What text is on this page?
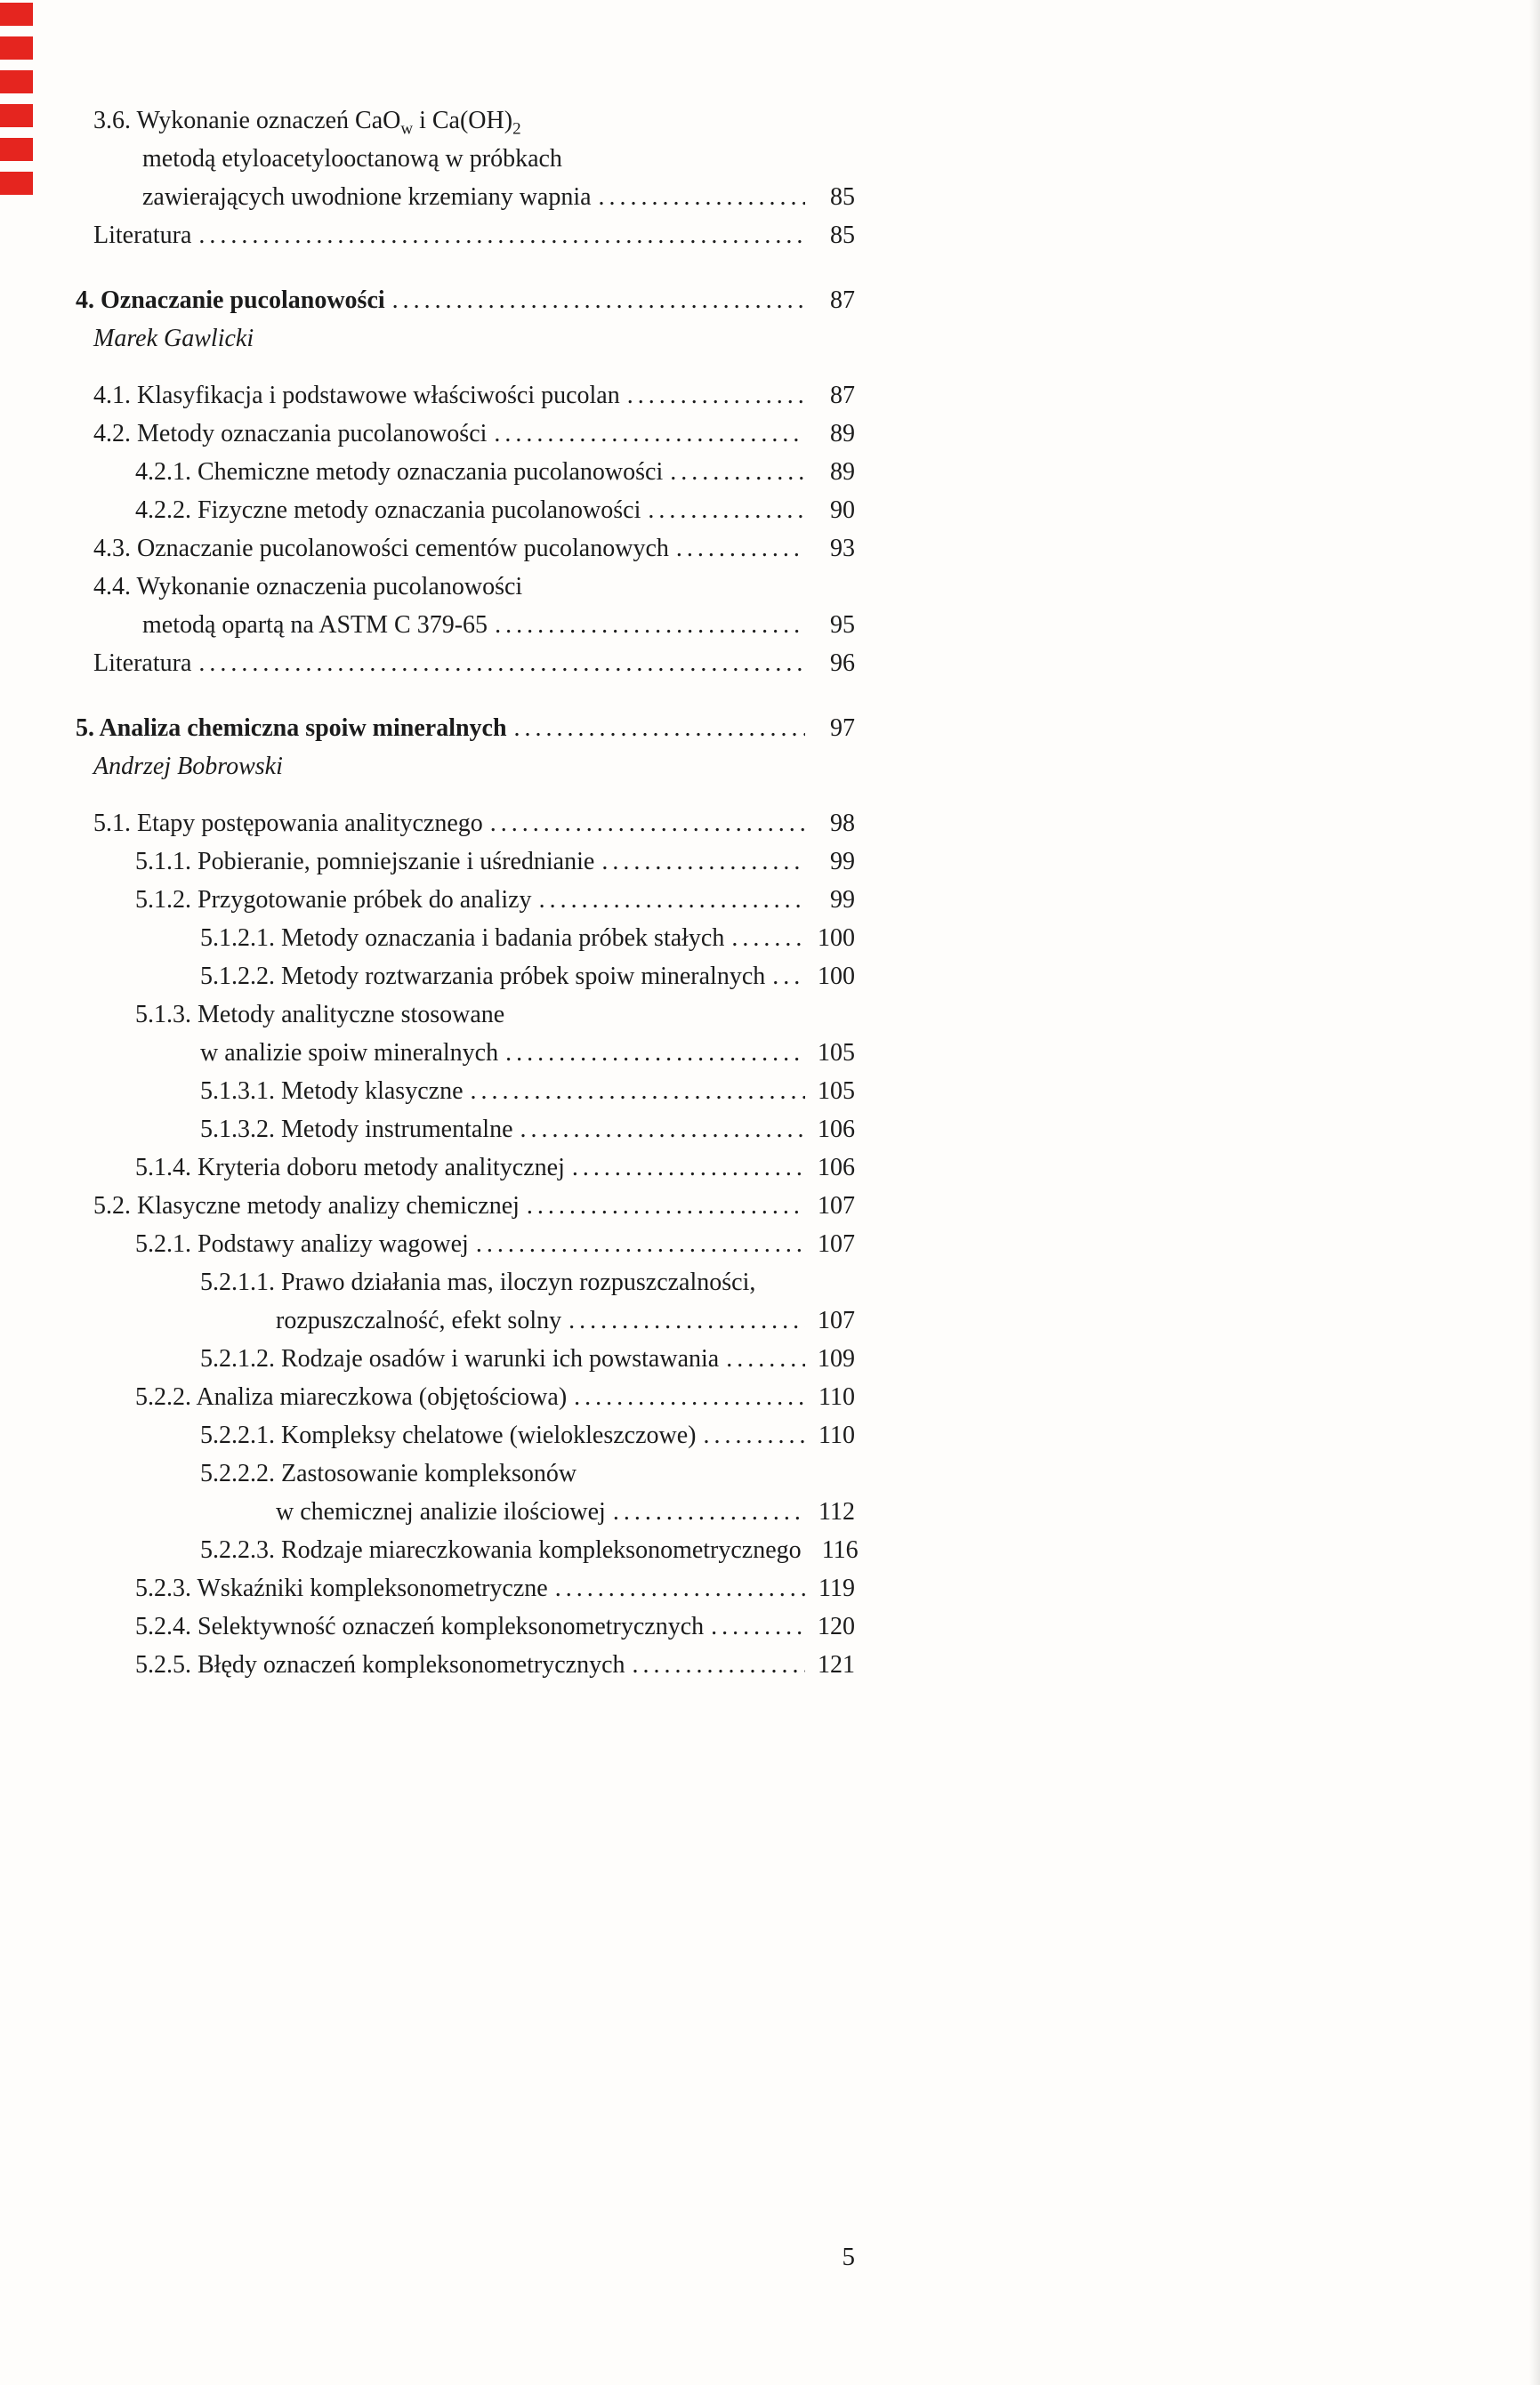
3.6. Wykonanie oznaczeń CaO$_w$ i $Ca(OH)_2$
metodą etyloacetylooctanową w próbkach
zawierających uwodnione krzemiany wapnia .....	85
Literatura .....	85
4. Oznaczanie pucolanowości .....	87
Marek Gawlicki
4.1. Klasyfikacja i podstawowe właściwości pucolan .....	87
4.2. Metody oznaczania pucolanowości .....	89
4.2.1. Chemiczne metody oznaczania pucolanowości .....	89
4.2.2. Fizyczne metody oznaczania pucolanowości .....	90
4.3. Oznaczanie pucolanowości cementów pucolanowych .....	93
4.4. Wykonanie oznaczenia pucolanowości
metodą opartą na ASTM C 379-65 .....	95
Literatura .....	96
5. Analiza chemiczna spoiw mineralnych .....	97
Andrzej Bobrowski
5.1. Etapy postępowania analitycznego .....	98
5.1.1. Pobieranie, pomniejszanie i uśrednianie .....	99
5.1.2. Przygotowanie próbek do analizy .....	99
5.1.2.1. Metody oznaczania i badania próbek stałych .....	100
5.1.2.2. Metody roztwarzania próbek spoiw mineralnych ..... 100
5.1.3. Metody analityczne stosowane
w analizie spoiw mineralnych .....	105
5.1.3.1. Metody klasyczne .....	105
5.1.3.2. Metody instrumentalne .....	106
5.1.4. Kryteria doboru metody analitycznej .....	106
5.2. Klasyczne metody analizy chemicznej .....	107
5.2.1. Podstawy analizy wagowej .....	107
5.2.1.1. Prawo działania mas, iloczyn rozpuszczalności,
rozpuszczalność, efekt solny .....	107
5.2.1.2. Rodzaje osadów i warunki ich powstawania .....	109
5.2.2. Analiza miareczkowa (objętościowa) .....	110
5.2.2.1. Kompleksy chelatowe (wielokleszczowe) .....	110
5.2.2.2. Zastosowanie kompleksonów
w chemicznej analizie ilościowej .....	112
5.2.2.3. Rodzaje miareczkowania kompleksonometrycznego 116
5.2.3. Wskaźniki kompleksonometryczne .....	119
5.2.4. Selektywność oznaczeń kompleksonometrycznych .....	120
5.2.5. Błędy oznaczeń kompleksonometrycznych .....	121
5
